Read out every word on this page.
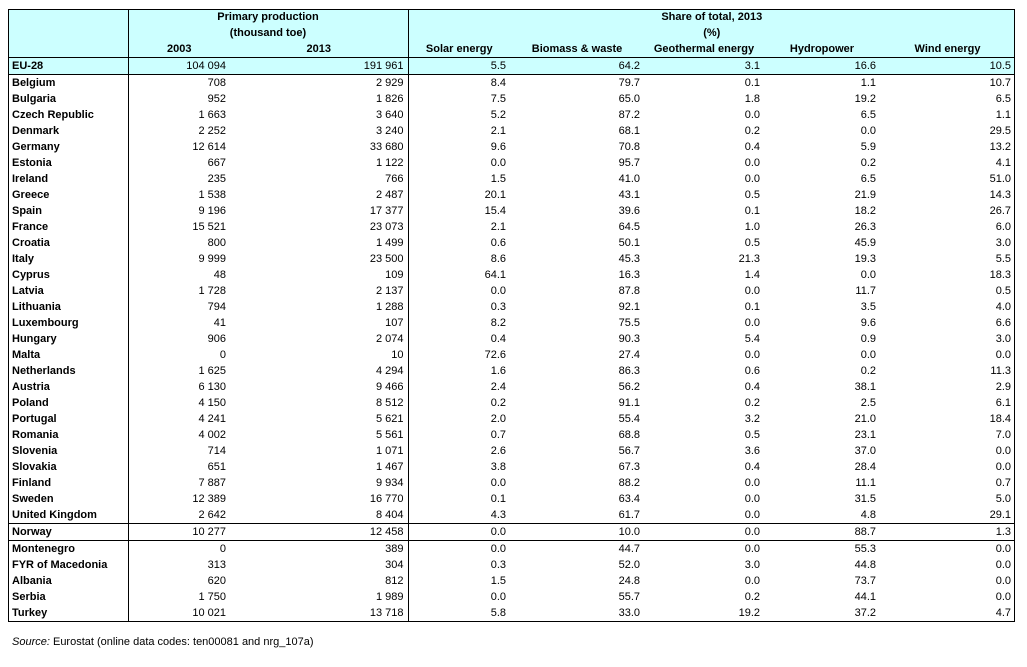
	Primary production		Share of total, 2013				
	(thousand toe)		(%)				
	2003	2013	Solar energy	Biomass & waste	Geothermal energy	Hydropower	Wind energy
EU-28	104 094	191 961	5.5	64.2	3.1	16.6	10.5
Belgium	708	2 929	8.4	79.7	0.1	1.1	10.7
Bulgaria	952	1 826	7.5	65.0	1.8	19.2	6.5
Czech Republic	1 663	3 640	5.2	87.2	0.0	6.5	1.1
Denmark	2 252	3 240	2.1	68.1	0.2	0.0	29.5
Germany	12 614	33 680	9.6	70.8	0.4	5.9	13.2
Estonia	667	1 122	0.0	95.7	0.0	0.2	4.1
Ireland	235	766	1.5	41.0	0.0	6.5	51.0
Greece	1 538	2 487	20.1	43.1	0.5	21.9	14.3
Spain	9 196	17 377	15.4	39.6	0.1	18.2	26.7
France	15 521	23 073	2.1	64.5	1.0	26.3	6.0
Croatia	800	1 499	0.6	50.1	0.5	45.9	3.0
Italy	9 999	23 500	8.6	45.3	21.3	19.3	5.5
Cyprus	48	109	64.1	16.3	1.4	0.0	18.3
Latvia	1 728	2 137	0.0	87.8	0.0	11.7	0.5
Lithuania	794	1 288	0.3	92.1	0.1	3.5	4.0
Luxembourg	41	107	8.2	75.5	0.0	9.6	6.6
Hungary	906	2 074	0.4	90.3	5.4	0.9	3.0
Malta	0	10	72.6	27.4	0.0	0.0	0.0
Netherlands	1 625	4 294	1.6	86.3	0.6	0.2	11.3
Austria	6 130	9 466	2.4	56.2	0.4	38.1	2.9
Poland	4 150	8 512	0.2	91.1	0.2	2.5	6.1
Portugal	4 241	5 621	2.0	55.4	3.2	21.0	18.4
Romania	4 002	5 561	0.7	68.8	0.5	23.1	7.0
Slovenia	714	1 071	2.6	56.7	3.6	37.0	0.0
Slovakia	651	1 467	3.8	67.3	0.4	28.4	0.0
Finland	7 887	9 934	0.0	88.2	0.0	11.1	0.7
Sweden	12 389	16 770	0.1	63.4	0.0	31.5	5.0
United Kingdom	2 642	8 404	4.3	61.7	0.0	4.8	29.1
Norway	10 277	12 458	0.0	10.0	0.0	88.7	1.3
Montenegro	0	389	0.0	44.7	0.0	55.3	0.0
FYR of Macedonia	313	304	0.3	52.0	3.0	44.8	0.0
Albania	620	812	1.5	24.8	0.0	73.7	0.0
Serbia	1 750	1 989	0.0	55.7	0.2	44.1	0.0
Turkey	10 021	13 718	5.8	33.0	19.2	37.2	4.7
Source: Eurostat (online data codes: ten00081 and nrg_107a)
